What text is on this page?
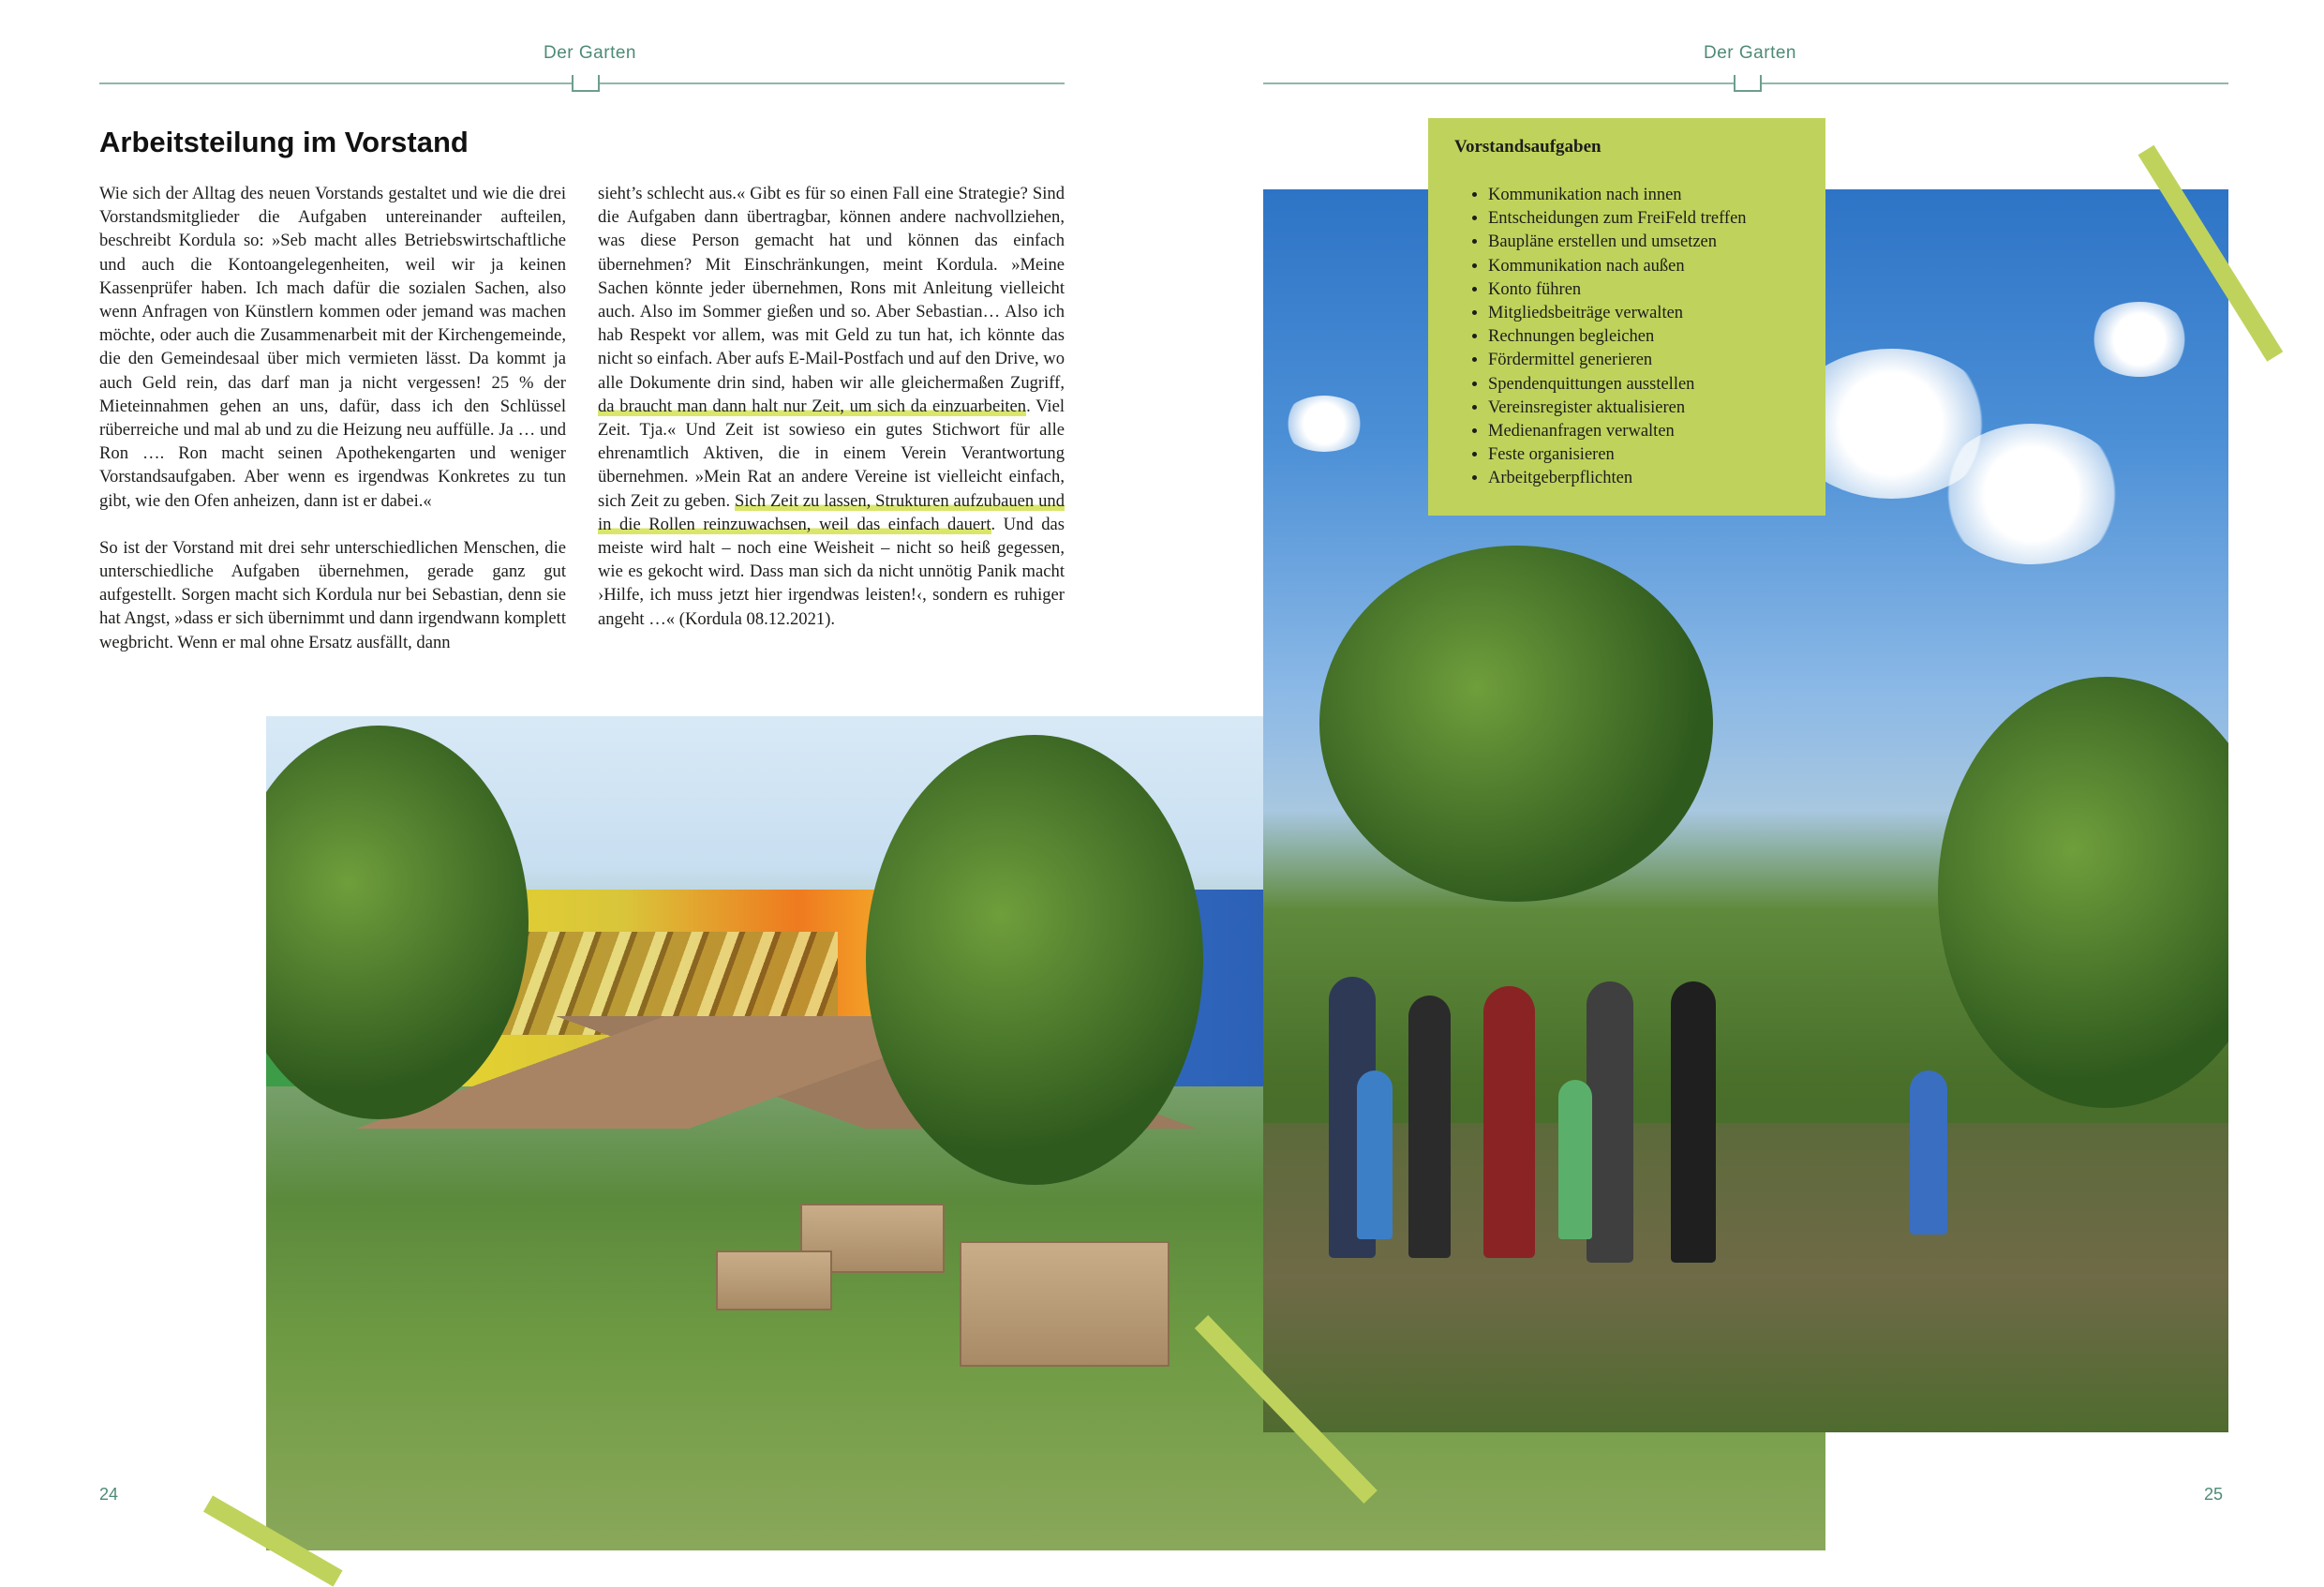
Der Garten	Der Garten
Arbeitsteilung im Vorstand

Wie sich der Alltag des neuen Vorstands gestaltet und wie die drei Vorstandsmitglieder die Aufgaben untereinander aufteilen, beschreibt Kordula so: »Seb macht alles Betriebswirtschaftliche und auch die Kontoangelegenheiten, weil wir ja keinen Kassenprüfer haben. Ich mach dafür die sozialen Sachen, also wenn Anfragen von Künstlern kommen oder jemand was machen möchte, oder auch die Zusammenarbeit mit der Kirchengemeinde, die den Gemeindesaal über mich vermieten lässt. Da kommt ja auch Geld rein, das darf man ja nicht vergessen! 25 % der Mieteinnahmen gehen an uns, dafür, dass ich den Schlüssel rüberreiche und mal ab und zu die Heizung neu auffülle. Ja … und Ron …. Ron macht seinen Apothekengarten und weniger Vorstandsaufgaben. Aber wenn es irgendwas Konkretes zu tun gibt, wie den Ofen anheizen, dann ist er dabei.«

So ist der Vorstand mit drei sehr unterschiedlichen Menschen, die unterschiedliche Aufgaben übernehmen, gerade ganz gut aufgestellt. Sorgen macht sich Kordula nur bei Sebastian, denn sie hat Angst, »dass er sich übernimmt und dann irgendwann komplett wegbricht. Wenn er mal ohne Ersatz ausfällt, dann

sieht’s schlecht aus.« Gibt es für so einen Fall eine Strategie? Sind die Aufgaben dann übertragbar, können andere nachvollziehen, was diese Person gemacht hat und können das einfach übernehmen? Mit Einschränkungen, meint Kordula. »Meine Sachen könnte jeder übernehmen, Rons mit Anleitung vielleicht auch. Also im Sommer gießen und so. Aber Sebastian… Also ich hab Respekt vor allem, was mit Geld zu tun hat, ich könnte das nicht so einfach. Aber aufs E-Mail-Postfach und auf den Drive, wo alle Dokumente drin sind, haben wir alle gleichermaßen Zugriff, da braucht man dann halt nur Zeit, um sich da einzuarbeiten. Viel Zeit. Tja.« Und Zeit ist sowieso ein gutes Stichwort für alle ehrenamtlich Aktiven, die in einem Verein Verantwortung übernehmen. »Mein Rat an andere Vereine ist vielleicht einfach, sich Zeit zu geben. Sich Zeit zu lassen, Strukturen aufzubauen und in die Rollen reinzuwachsen, weil das einfach dauert. Und das meiste wird halt – noch eine Weisheit – nicht so heiß gegessen, wie es gekocht wird. Dass man sich da nicht unnötig Panik macht ›Hilfe, ich muss jetzt hier irgendwas leisten!‹, sondern es ruhiger angeht …« (Kordula 08.12.2021).

Vorstandsaufgaben
• Kommunikation nach innen
• Entscheidungen zum FreiFeld treffen
• Baupläne erstellen und umsetzen
• Kommunikation nach außen
• Konto führen
• Mitgliedsbeiträge verwalten
• Rechnungen begleichen
• Fördermittel generieren
• Spendenquittungen ausstellen
• Vereinsregister aktualisieren
• Medienanfragen verwalten
• Feste organisieren
• Arbeitgeberpflichten
24	25
